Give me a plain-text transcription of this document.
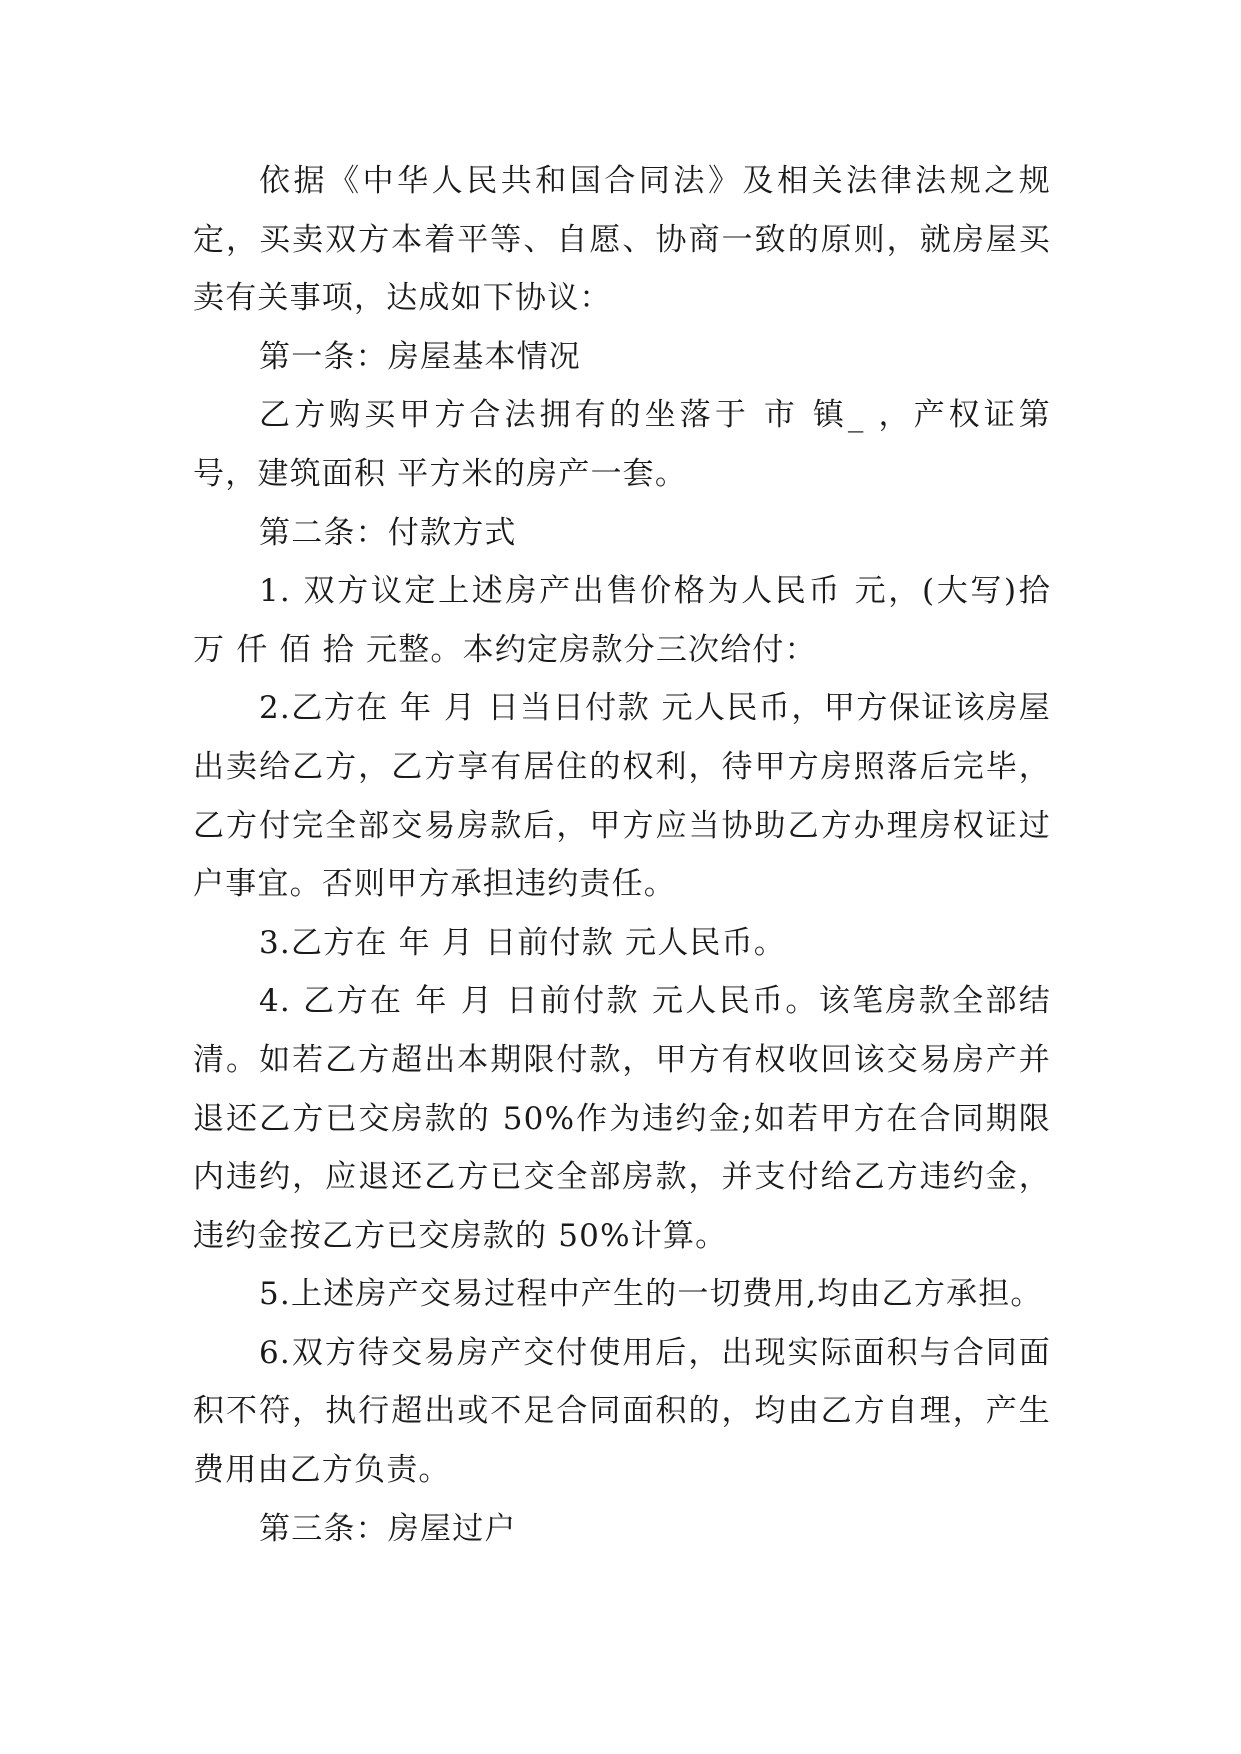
依据《中华人民共和国合同法》及相关法律法规之规定，买卖双方本着平等、自愿、协商一致的原则，就房屋买卖有关事项，达成如下协议：

第一条：房屋基本情况

乙方购买甲方合法拥有的坐落于 市 镇_ ，产权证第 号，建筑面积 平方米的房产一套。

第二条：付款方式

1. 双方议定上述房产出售价格为人民币 元，(大写)拾 万 仟 佰 拾 元整。本约定房款分三次给付：

2.乙方在 年 月 日当日付款 元人民币，甲方保证该房屋出卖给乙方，乙方享有居住的权利，待甲方房照落后完毕，乙方付完全部交易房款后，甲方应当协助乙方办理房权证过户事宜。否则甲方承担违约责任。

3.乙方在 年 月 日前付款 元人民币。

4. 乙方在 年 月 日前付款 元人民币。该笔房款全部结清。如若乙方超出本期限付款，甲方有权收回该交易房产并退还乙方已交房款的 50%作为违约金;如若甲方在合同期限内违约，应退还乙方已交全部房款，并支付给乙方违约金，违约金按乙方已交房款的 50%计算。

5.上述房产交易过程中产生的一切费用,均由乙方承担。

6.双方待交易房产交付使用后，出现实际面积与合同面积不符，执行超出或不足合同面积的，均由乙方自理，产生费用由乙方负责。

第三条：房屋过户
